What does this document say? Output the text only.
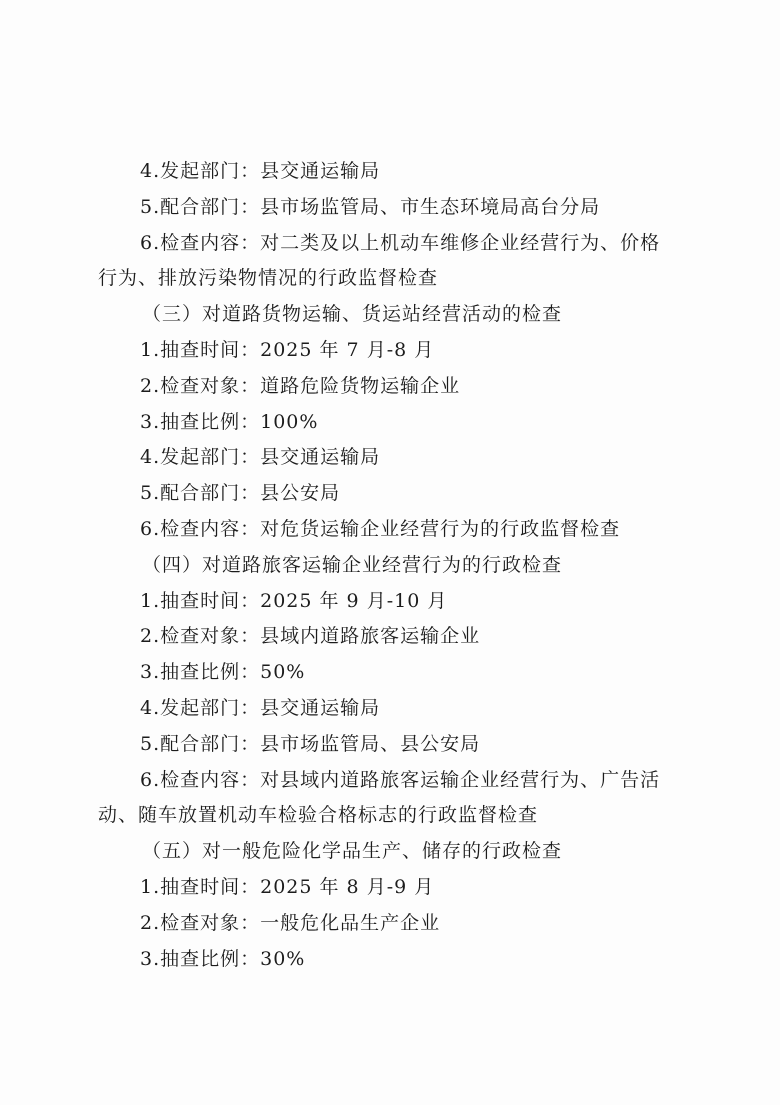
4.发起部门：县交通运输局
5.配合部门：县市场监管局、市生态环境局高台分局
6.检查内容：对二类及以上机动车维修企业经营行为、价格
行为、排放污染物情况的行政监督检查
（三）对道路货物运输、货运站经营活动的检查
1.抽查时间：2025 年 7 月-8 月
2.检查对象：道路危险货物运输企业
3.抽查比例：100%
4.发起部门：县交通运输局
5.配合部门：县公安局
6.检查内容：对危货运输企业经营行为的行政监督检查
（四）对道路旅客运输企业经营行为的行政检查
1.抽查时间：2025 年 9 月-10 月
2.检查对象：县域内道路旅客运输企业
3.抽查比例：50%
4.发起部门：县交通运输局
5.配合部门：县市场监管局、县公安局
6.检查内容：对县域内道路旅客运输企业经营行为、广告活
动、随车放置机动车检验合格标志的行政监督检查
（五）对一般危险化学品生产、储存的行政检查
1.抽查时间：2025 年 8 月-9 月
2.检查对象：一般危化品生产企业
3.抽查比例：30%
